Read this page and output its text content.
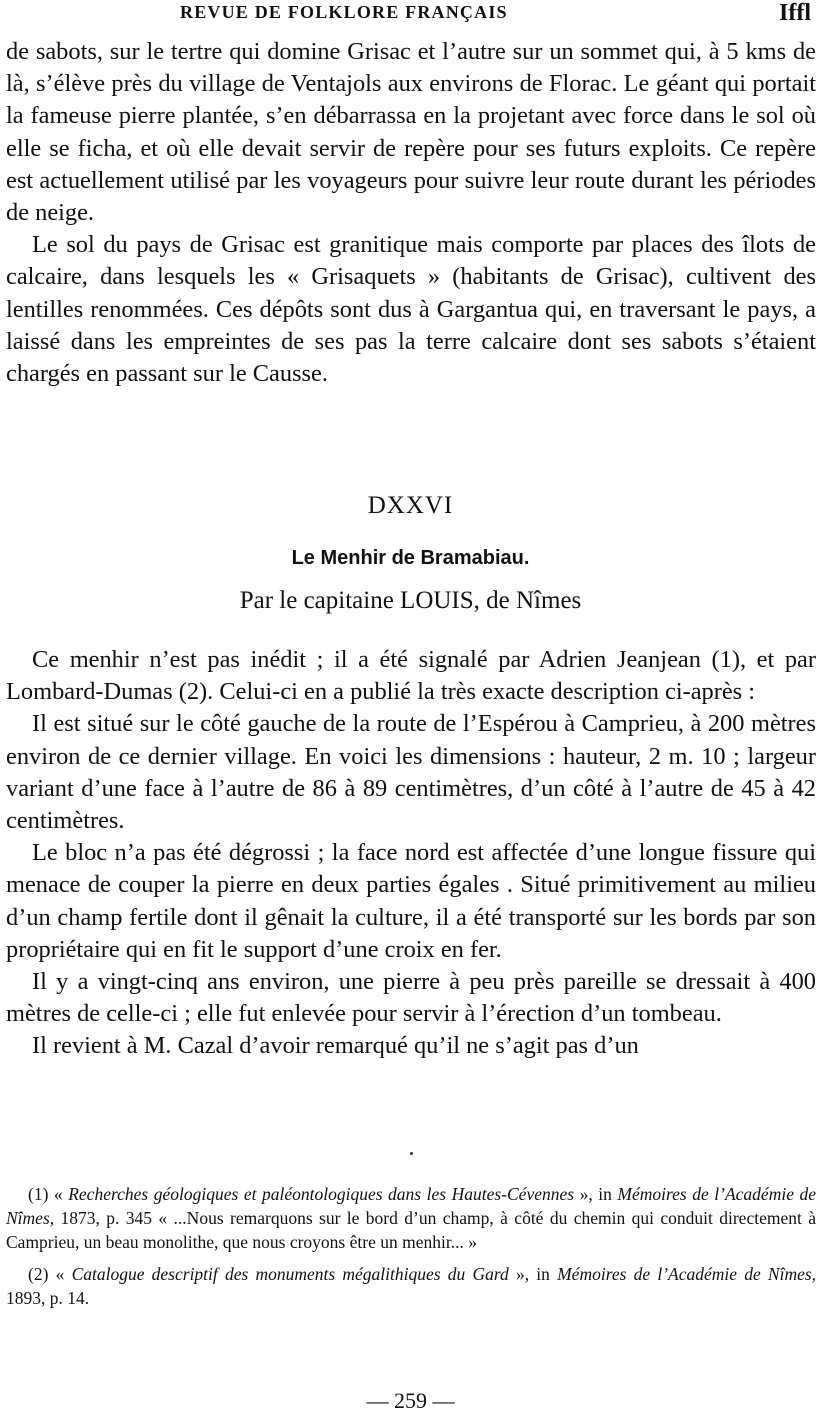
REVUE DE FOLKLORE FRANÇAIS	Iffl

de sabots, sur le tertre qui domine Grisac et l’autre sur un sommet qui, à 5 kms de là, s’élève près du village de Ventajols aux environs de Florac. Le géant qui portait la fameuse pierre plantée, s’en débarrassa en la projetant avec force dans le sol où elle se ficha, et où elle devait servir de repère pour ses futurs exploits. Ce repère est actuellement utilisé par les voyageurs pour suivre leur route durant les périodes de neige.

Le sol du pays de Grisac est granitique mais comporte par places des îlots de calcaire, dans lesquels les « Grisaquets » (habitants de Grisac), cultivent des lentilles renommées. Ces dépôts sont dus à Gargantua qui, en traversant le pays, a laissé dans les empreintes de ses pas la terre calcaire dont ses sabots s’étaient chargés en passant sur le Causse.

DXXVI
Le Menhir de Bramabiau.
Par le capitaine LOUIS, de Nîmes

Ce menhir n’est pas inédit ; il a été signalé par Adrien Jeanjean (1), et par Lombard-Dumas (2). Celui-ci en a publié la très exacte description ci-après :

Il est situé sur le côté gauche de la route de l’Espérou à Camprieu, à 200 mètres environ de ce dernier village. En voici les dimensions : hauteur, 2 m. 10 ; largeur variant d’une face à l’autre de 86 à 89 centimètres, d’un côté à l’autre de 45 à 42 centimètres.

Le bloc n’a pas été dégrossi ; la face nord est affectée d’une longue fissure qui menace de couper la pierre en deux parties égales . Situé primitivement au milieu d’un champ fertile dont il gênait la culture, il a été transporté sur les bords par son propriétaire qui en fit le support d’une croix en fer.

Il y a vingt-cinq ans environ, une pierre à peu près pareille se dressait à 400 mètres de celle-ci ; elle fut enlevée pour servir à l’érection d’un tombeau.

Il revient à M. Cazal d’avoir remarqué qu’il ne s’agit pas d’un

(1) « Recherches géologiques et paléontologiques dans les Hautes-Cévennes », in Mémoires de l’Académie de Nîmes, 1873, p. 345 « ...Nous remarquons sur le bord d’un champ, à côté du chemin qui conduit directement à Camprieu, un beau monolithe, que nous croyons être un menhir... »

(2) « Catalogue descriptif des monuments mégalithiques du Gard », in Mémoires de l’Académie de Nîmes, 1893, p. 14.

— 259 —
